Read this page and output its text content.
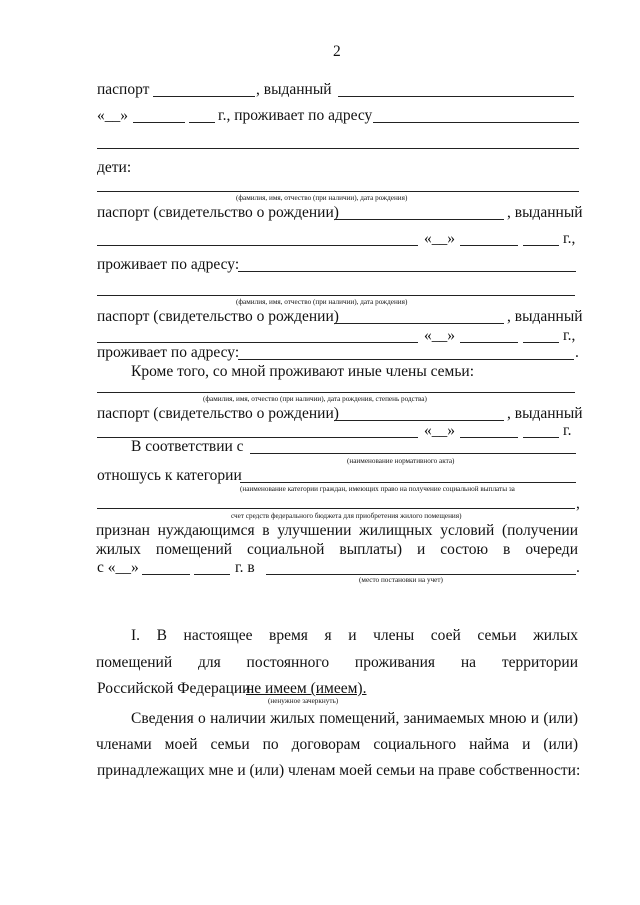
2
паспорт	, выданный
«__»	г., проживает по адресу
дети:
(фамилия, имя, отчество (при наличии), дата рождения)
паспорт (свидетельство о рождении)	, выданный
«__»	г.,
проживает по адресу:
(фамилия, имя, отчество (при наличии), дата рождения)
паспорт (свидетельство о рождении)	, выданный
«__»	г.,
проживает по адресу:	.
Кроме того, со мной проживают иные члены семьи:
(фамилия, имя, отчество (при наличии), дата рождения, степень родства)
паспорт (свидетельство о рождении)	, выданный
«__»	г.
В соответствии с
(наименование нормативного акта)
отношусь к категории
(наименование категории граждан, имеющих право на получение социальной выплаты за
,
счет средств федерального бюджета для приобретения жилого помещения)
признан нуждающимся в улучшении жилищных условий (получении
жилых помещений социальной выплаты) и состою в очереди
с «__»	г. в	.
(место постановки на учет)
I. В настоящее время я и члены соей семьи жилых
помещений для постоянного проживания на территории
Российской Федерации
не имеем (имеем).
(ненужное зачеркнуть)
Сведения о наличии жилых помещений, занимаемых мною и (или)
членами моей семьи по договорам социального найма и (или)
принадлежащих мне и (или) членам моей семьи на праве собственности:
